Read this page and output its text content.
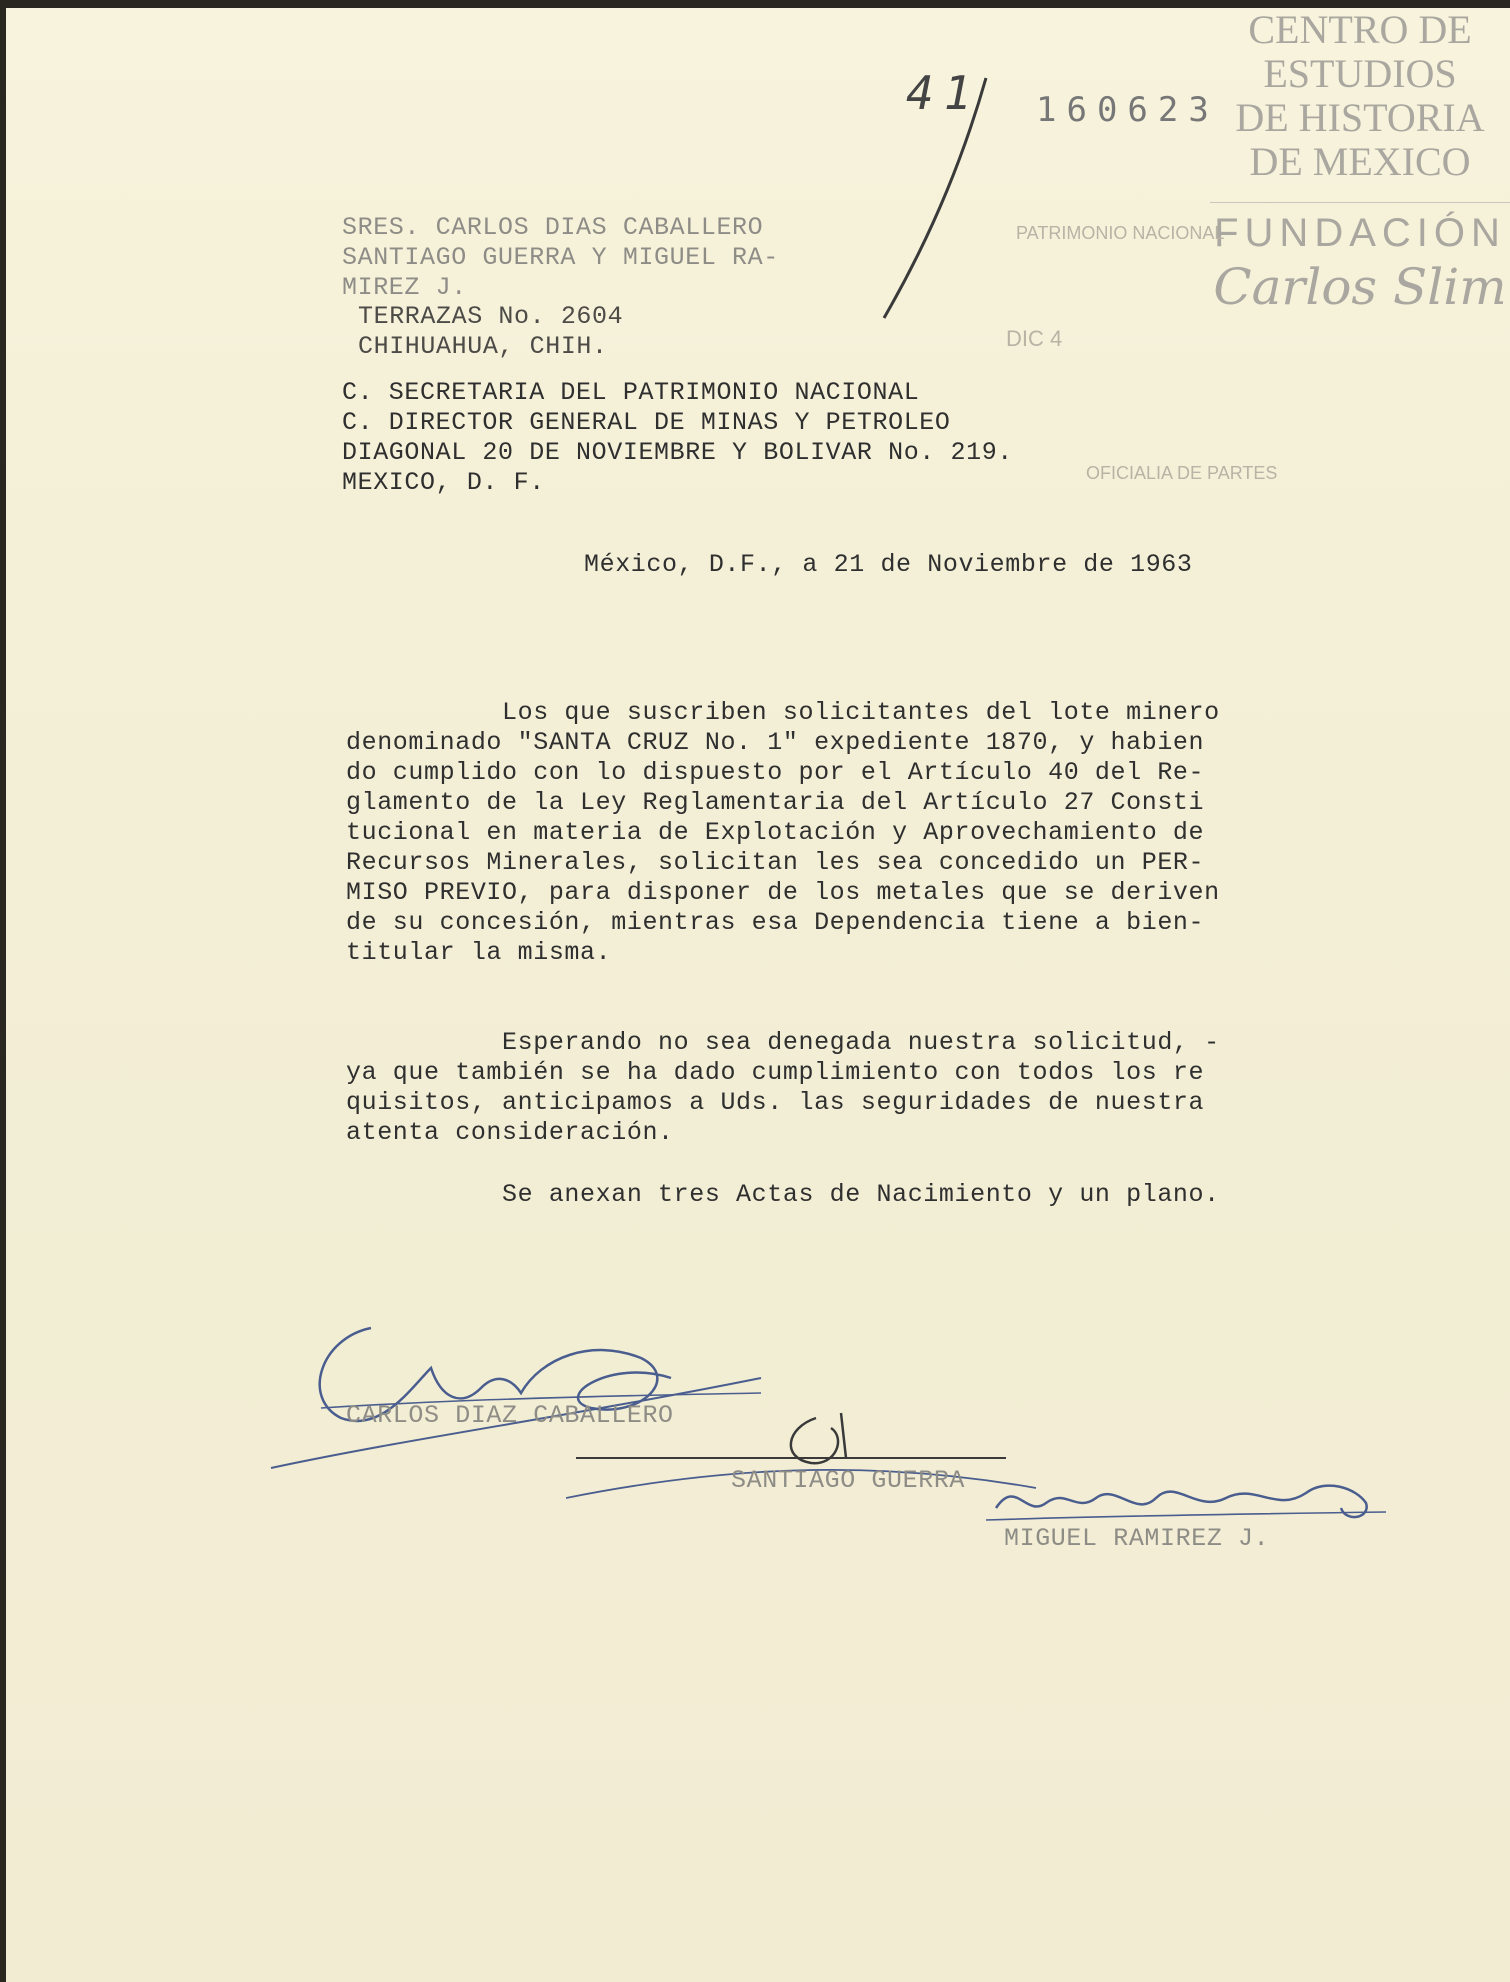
CENTRO DE
ESTUDIOS
DE HISTORIA
DE MEXICO
FUNDACIÓN
Carlos Slim
41 160623
PATRIMONIO NACIONAL
DIC 4
OFICIALIA DE PARTES
SRES. CARLOS DIAS CABALLERO
SANTIAGO GUERRA Y MIGUEL RA-
MIREZ J.
TERRAZAS No. 2604
CHIHUAHUA, CHIH.
C. SECRETARIA DEL PATRIMONIO NACIONAL
C. DIRECTOR GENERAL DE MINAS Y PETROLEO
DIAGONAL 20 DE NOVIEMBRE Y BOLIVAR No. 219.
MEXICO, D. F.
México, D.F., a 21 de Noviembre de 1963
Los que suscriben solicitantes del lote minero
denominado "SANTA CRUZ No. 1" expediente 1870, y habien
do cumplido con lo dispuesto por el Artículo 40 del Re-
glamento de la Ley Reglamentaria del Artículo 27 Consti
tucional en materia de Explotación y Aprovechamiento de
Recursos Minerales, solicitan les sea concedido un PER-
MISO PREVIO, para disponer de los metales que se deriven
de su concesión, mientras esa Dependencia tiene a bien-
titular la misma.
Esperando no sea denegada nuestra solicitud, -
ya que también se ha dado cumplimiento con todos los re
quisitos, anticipamos a Uds. las seguridades de nuestra
atenta consideración.
Se anexan tres Actas de Nacimiento y un plano.
CARLOS DIAZ CABALLERO
SANTIAGO GUERRA
MIGUEL RAMIREZ J.
